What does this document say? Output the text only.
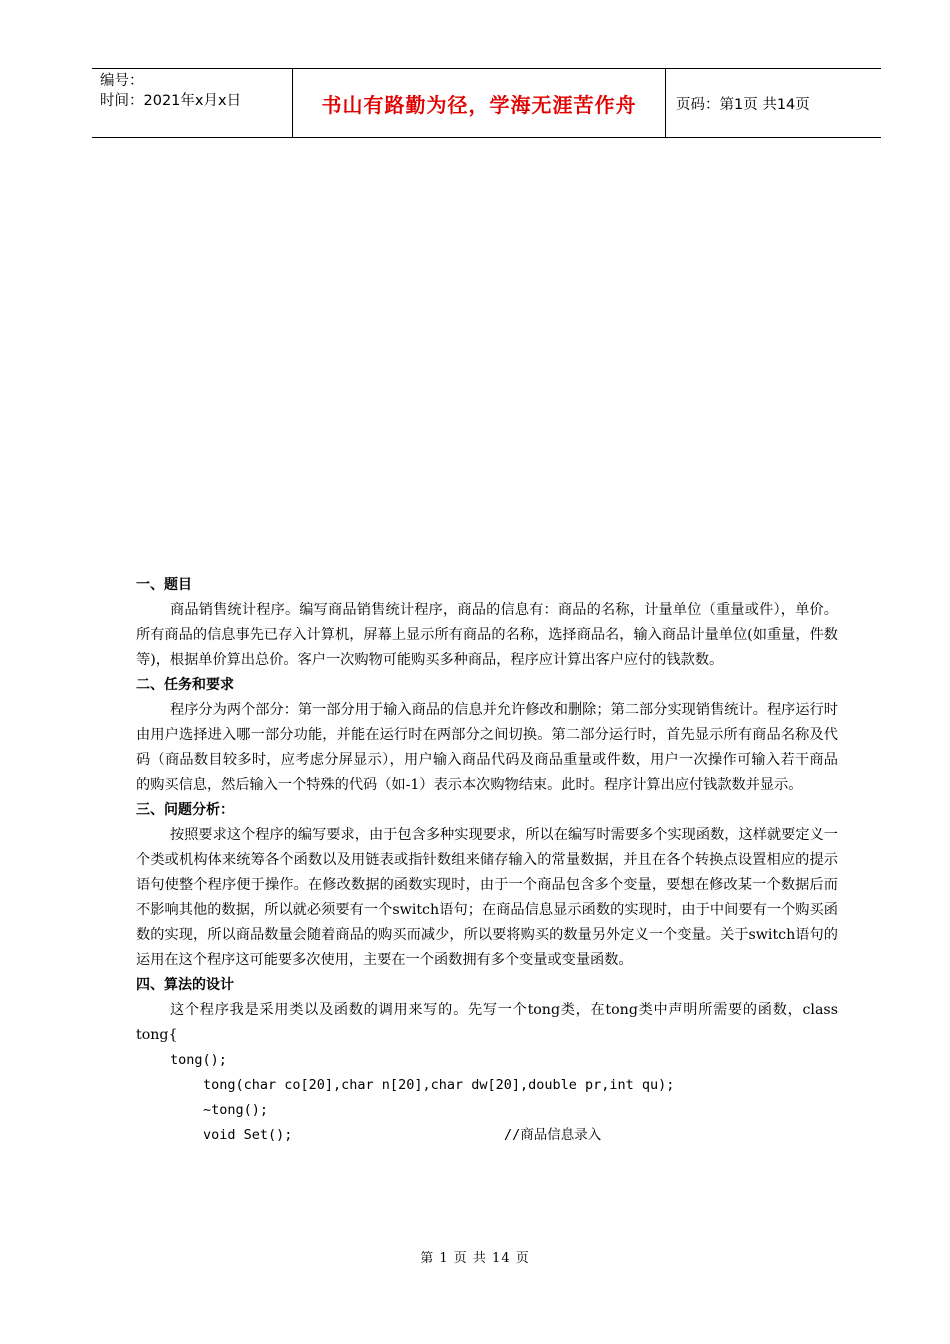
编号：
时间：2021年x月x日	书山有路勤为径，学海无涯苦作舟	页码：第1页 共14页
一、题目

商品销售统计程序。编写商品销售统计程序，商品的信息有：商品的名称，计量单位（重量或件），单价。所有商品的信息事先已存入计算机，屏幕上显示所有商品的名称，选择商品名，输入商品计量单位(如重量，件数等)，根据单价算出总价。客户一次购物可能购买多种商品，程序应计算出客户应付的钱款数。

二、任务和要求

程序分为两个部分：第一部分用于输入商品的信息并允许修改和删除；第二部分实现销售统计。程序运行时由用户选择进入哪一部分功能，并能在运行时在两部分之间切换。第二部分运行时，首先显示所有商品名称及代码（商品数目较多时，应考虑分屏显示），用户输入商品代码及商品重量或件数，用户一次操作可输入若干商品的购买信息，然后输入一个特殊的代码（如-1）表示本次购物结束。此时。程序计算出应付钱款数并显示。

三、问题分析：

按照要求这个程序的编写要求，由于包含多种实现要求，所以在编写时需要多个实现函数，这样就要定义一个类或机构体来统筹各个函数以及用链表或指针数组来储存输入的常量数据，并且在各个转换点设置相应的提示语句使整个程序便于操作。在修改数据的函数实现时，由于一个商品包含多个变量，要想在修改某一个数据后而不影响其他的数据，所以就必须要有一个switch语句；在商品信息显示函数的实现时，由于中间要有一个购买函数的实现，所以商品数量会随着商品的购买而减少，所以要将购买的数量另外定义一个变量。关于switch语句的运用在这个程序这可能要多次使用，主要在一个函数拥有多个变量或变量函数。

四、算法的设计

这个程序我是采用类以及函数的调用来写的。先写一个tong类，在tong类中声明所需要的函数，class tong{

tong();
tong(char co[20],char n[20],char dw[20],double pr,int qu);
~tong();
void Set();	//商品信息录入
第 1 页 共 14 页
